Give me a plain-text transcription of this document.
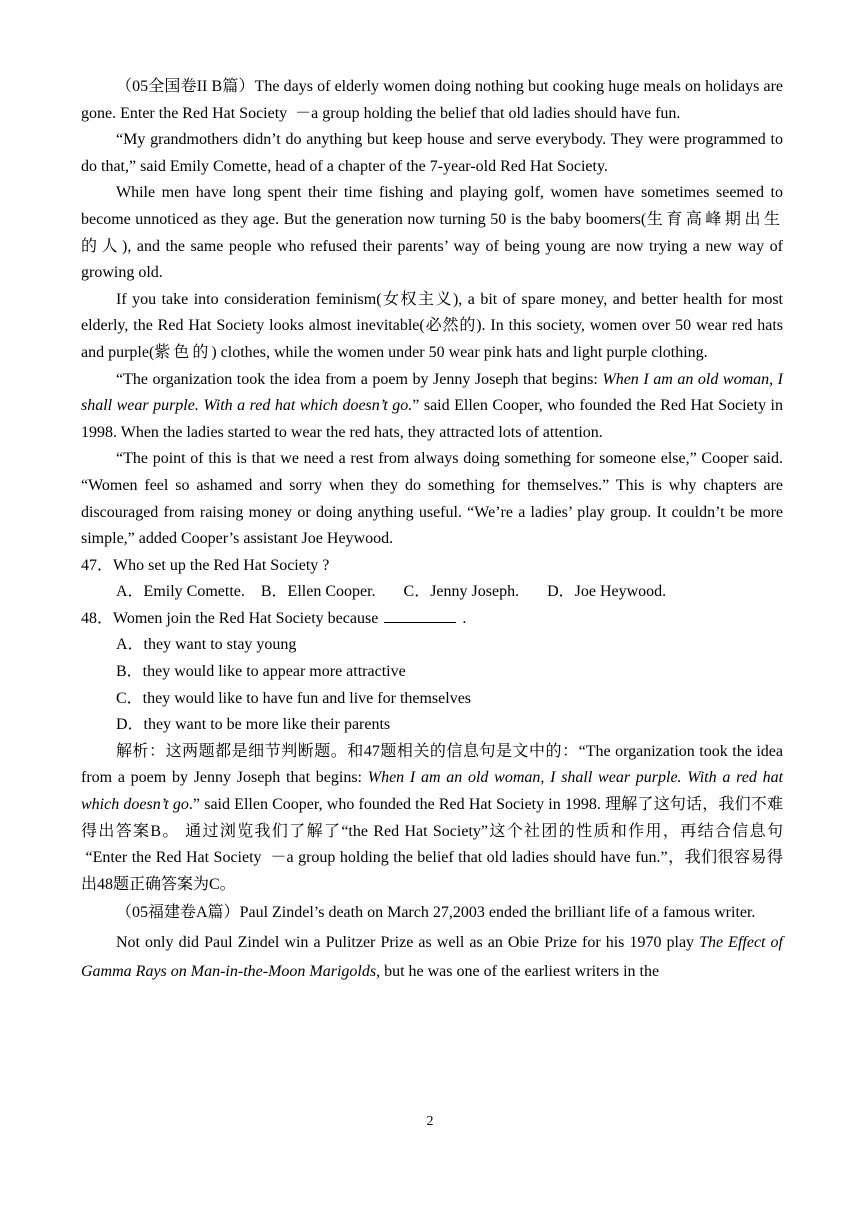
（05全国卷II B篇）The days of elderly women doing nothing but cooking huge meals on holidays are gone. Enter the Red Hat Society  －a group holding the belief that old ladies should have fun.

“My grandmothers didn’t do anything but keep house and serve everybody. They were programmed to do that,” said Emily Comette, head of a chapter of the 7-year-old Red Hat Society.

While men have long spent their time fishing and playing golf, women have sometimes seemed to become unnoticed as they age. But the generation now turning 50 is the baby boomers(生育高峰期出生的人), and the same people who refused their parents’ way of being young are now trying a new way of growing old.

If you take into consideration feminism(女权主义), a bit of spare money, and better health for most elderly, the Red Hat Society looks almost inevitable(必然的). In this society, women over 50 wear red hats and purple(紫色的) clothes, while the women under 50 wear pink hats and light purple clothing.

“The organization took the idea from a poem by Jenny Joseph that begins: When I am an old woman, I shall wear purple. With a red hat which doesn’t go.” said Ellen Cooper, who founded the Red Hat Society in 1998. When the ladies started to wear the red hats, they attracted lots of attention.

“The point of this is that we need a rest from always doing something for someone else,” Cooper said. “Women feel so ashamed and sorry when they do something for themselves.” This is why chapters are discouraged from raising money or doing anything useful. “We’re a ladies’ play group. It couldn’t be more simple,” added Cooper’s assistant Joe Heywood.

47．Who set up the Red Hat Society ?
A．Emily Comette.    B．Ellen Cooper.       C．Jenny Joseph.       D．Joe Heywood.
48．Women join the Red Hat Society because	.
A．they want to stay young
B．they would like to appear more attractive
C．they would like to have fun and live for themselves
D．they want to be more like their parents

解析：这两题都是细节判断题。和47题相关的信息句是文中的：“The organization took the idea from a poem by Jenny Joseph that begins: When I am an old woman, I shall wear purple. With a red hat which doesn’t go.” said Ellen Cooper, who founded the Red Hat Society in 1998. 理解了这句话，我们不难得出答案B。 通过浏览我们了解了“the Red Hat Society”这个社团的性质和作用，再结合信息句  “Enter the Red Hat Society  －a group holding the belief that old ladies should have fun.”，我们很容易得出48题正确答案为C。

（05福建卷A篇）Paul Zindel’s death on March 27,2003 ended the brilliant life of a famous writer.

Not only did Paul Zindel win a Pulitzer Prize as well as an Obie Prize for his 1970 play The Effect of Gamma Rays on Man-in-the-Moon Marigolds, but he was one of the earliest writers in the

2
